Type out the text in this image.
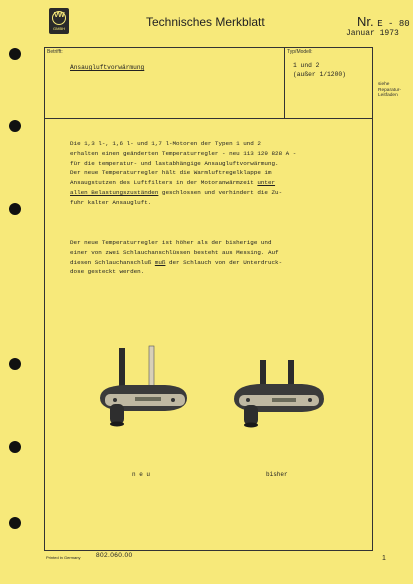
VW
GMBH	Technisches Merkblatt	Nr. E - 80
Januar 1973
Betrifft:
Ansaugluftvorwärmung
Typ/Modell:
1 und 2
(außer 1/1200)
siehe
Reparatur-
Leitfaden
Die 1,3 l-, 1,6 l- und 1,7 l-Motoren der Typen 1 und 2
erhalten einen geänderten Temperaturregler - neu 113 129 828 A -
für die temperatur- und lastabhängige Ansaugluftvorwärmung.
Der neue Temperaturregler hält die Warmluftregelklappe im
Ansaugstutzen des Luftfilters in der Motoranwärmzeit unter
allen Belastungszuständen geschlossen und verhindert die Zu-
fuhr kalter Ansaugluft.
Der neue Temperaturregler ist höher als der bisherige und
einer von zwei Schlauchanschlüssen besteht aus Messing. Auf
diesen Schlauchanschluß muß der Schlauch von der Unterdruck-
dose gesteckt werden.
n e u	bisher
Printed in Germany 802.060.00	1
